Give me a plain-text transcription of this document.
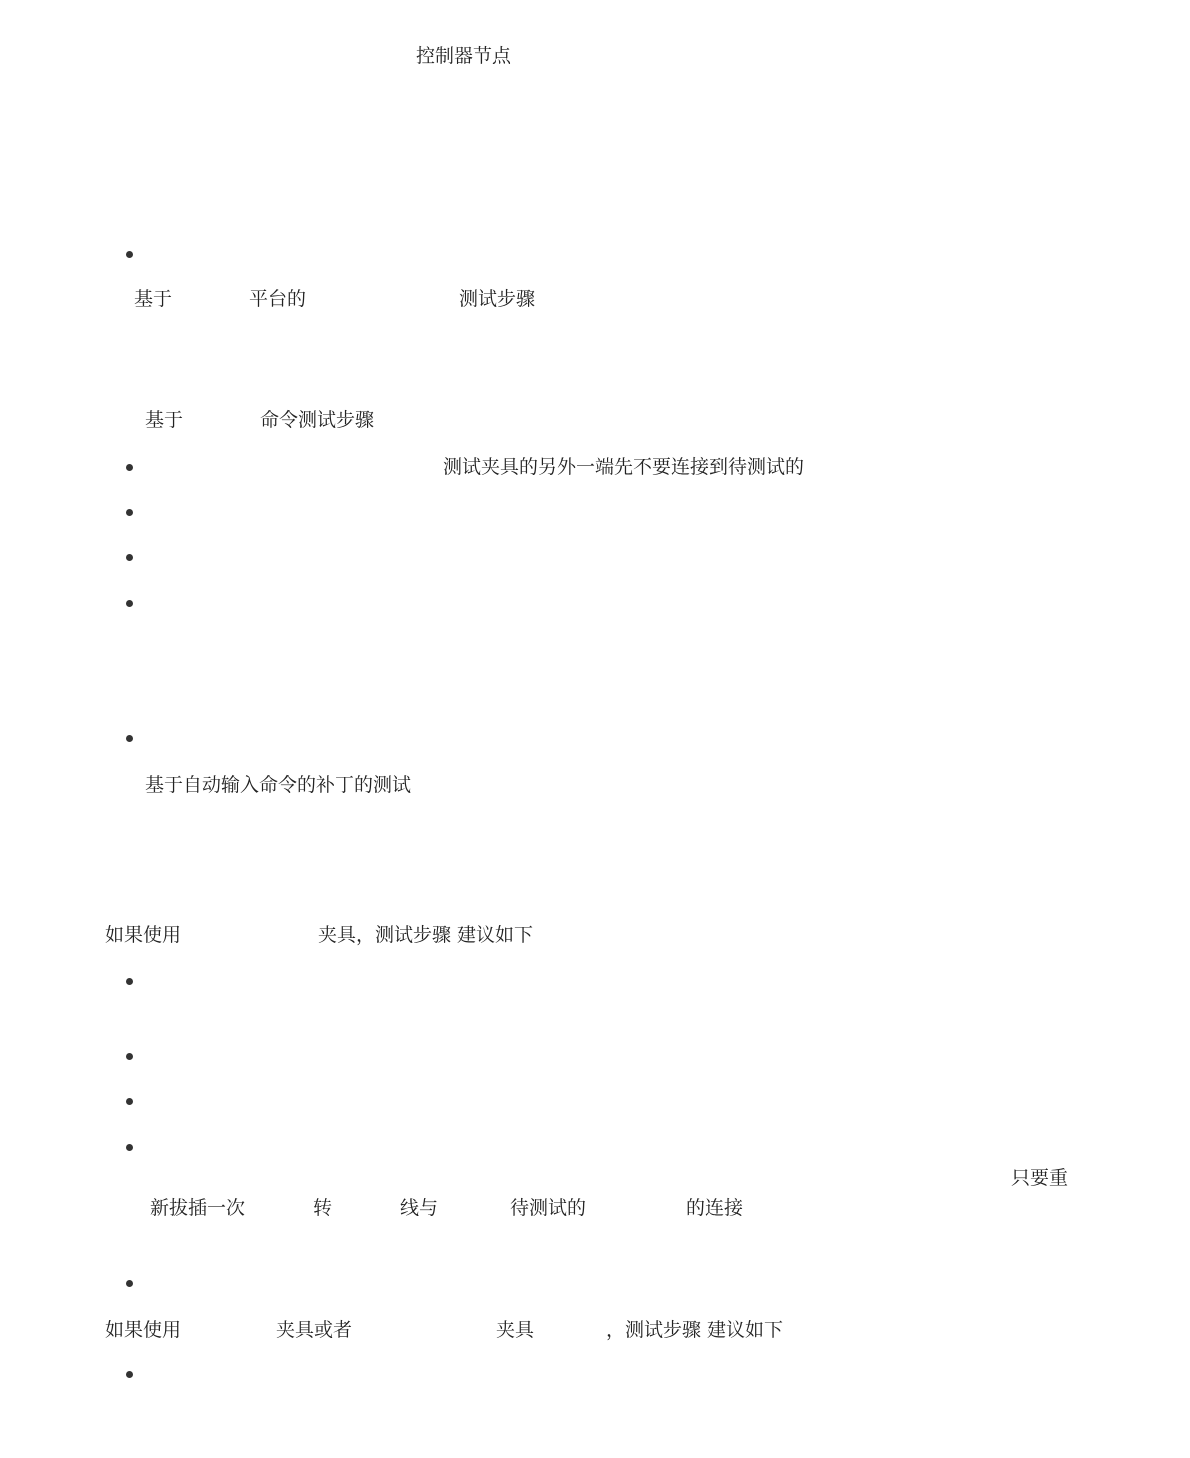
控制器节点
基于	平台的	测试步骤
基于	命令测试步骤
测试夹具的另外一端先不要连接到待测试的
基于自动输入命令的补丁的测试
如果使用	夹具，测试步骤 建议如下
只要重
新拔插一次	转	线与	待测试的	的连接
如果使用	夹具或者	夹具	，测试步骤 建议如下
